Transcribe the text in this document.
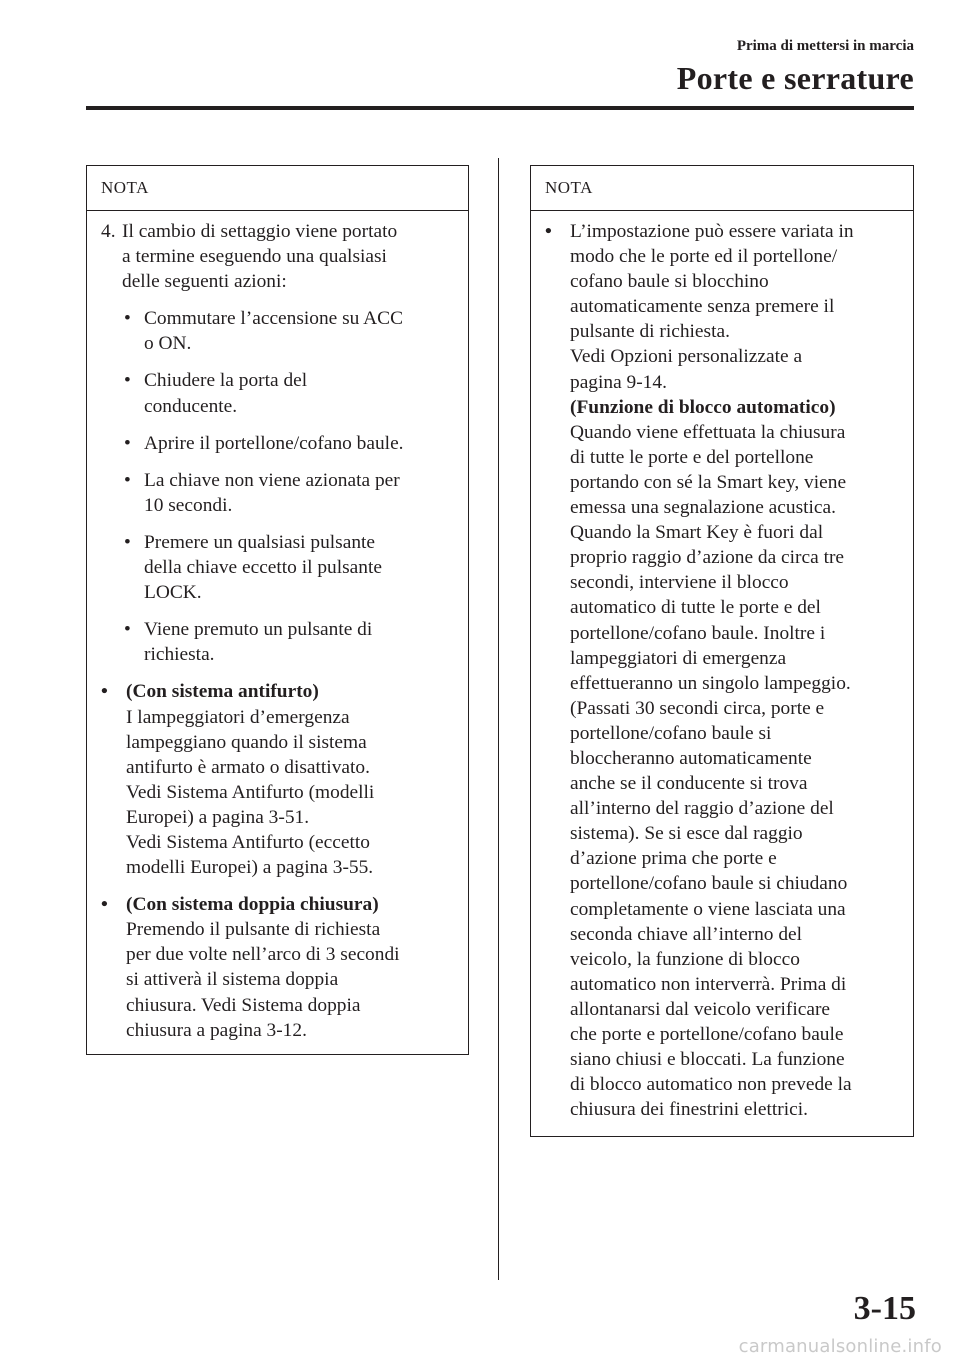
Prima di mettersi in marcia
Porte e serrature
NOTA
4. Il cambio di settaggio viene portato
a termine eseguendo una qualsiasi
delle seguenti azioni:
• Commutare l’accensione su ACC
o ON.
• Chiudere la porta del
conducente.
• Aprire il portellone/cofano baule.
• La chiave non viene azionata per
10 secondi.
• Premere un qualsiasi pulsante
della chiave eccetto il pulsante
LOCK.
• Viene premuto un pulsante di
richiesta.
• (Con sistema antifurto)
I lampeggiatori d’emergenza
lampeggiano quando il sistema
antifurto è armato o disattivato.
Vedi Sistema Antifurto (modelli
Europei) a pagina 3-51.
Vedi Sistema Antifurto (eccetto
modelli Europei) a pagina 3-55.
• (Con sistema doppia chiusura)
Premendo il pulsante di richiesta
per due volte nell’arco di 3 secondi
si attiverà il sistema doppia
chiusura. Vedi Sistema doppia
chiusura a pagina 3-12.
NOTA
• L’impostazione può essere variata in
modo che le porte ed il portellone/
cofano baule si blocchino
automaticamente senza premere il
pulsante di richiesta.
Vedi Opzioni personalizzate a
pagina 9-14.
(Funzione di blocco automatico)
Quando viene effettuata la chiusura
di tutte le porte e del portellone
portando con sé la Smart key, viene
emessa una segnalazione acustica.
Quando la Smart Key è fuori dal
proprio raggio d’azione da circa tre
secondi, interviene il blocco
automatico di tutte le porte e del
portellone/cofano baule. Inoltre i
lampeggiatori di emergenza
effettueranno un singolo lampeggio.
(Passati 30 secondi circa, porte e
portellone/cofano baule si
bloccheranno automaticamente
anche se il conducente si trova
all’interno del raggio d’azione del
sistema). Se si esce dal raggio
d’azione prima che porte e
portellone/cofano baule si chiudano
completamente o viene lasciata una
seconda chiave all’interno del
veicolo, la funzione di blocco
automatico non interverrà. Prima di
allontanarsi dal veicolo verificare
che porte e portellone/cofano baule
siano chiusi e bloccati. La funzione
di blocco automatico non prevede la
chiusura dei finestrini elettrici.
3-15
carmanualsonline.info
